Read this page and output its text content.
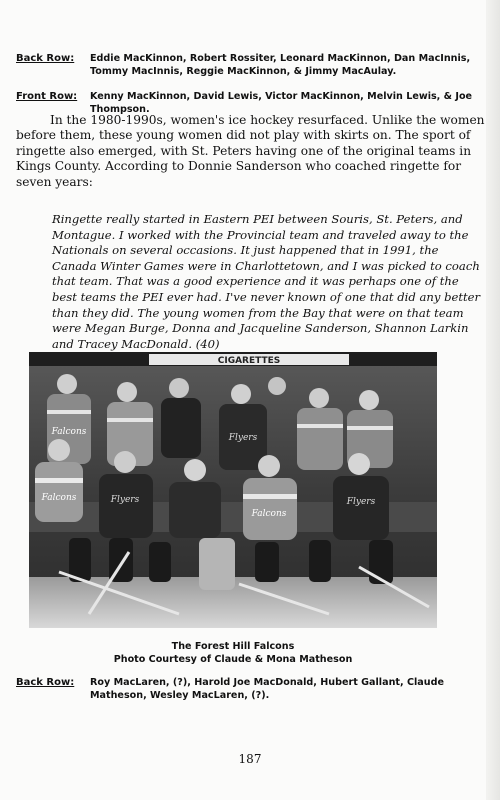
Back Row: Eddie MacKinnon, Robert Rossiter, Leonard MacKinnon, Dan MacInnis, Tommy MacInnis, Reggie MacKinnon, & Jimmy MacAulay.
Front Row: Kenny MacKinnon, David Lewis, Victor MacKinnon, Melvin Lewis, & Joe Thompson.

In the 1980-1990s, women's ice hockey resurfaced. Unlike the women before them, these young women did not play with skirts on. The sport of ringette also emerged, with St. Peters having one of the original teams in Kings County. According to Donnie Sanderson who coached ringette for seven years:

Ringette really started in Eastern PEI between Souris, St. Peters, and Montague. I worked with the Provincial team and traveled away to the Nationals on several occasions. It just happened that in 1991, the Canada Winter Games were in Charlottetown, and I was picked to coach that team. That was a good experience and it was perhaps one of the best teams the PEI ever had. I've never known of one that did any better than they did. The young women from the Bay that were on that team were Megan Burge, Donna and Jacqueline Sanderson, Shannon Larkin and Tracey MacDonald. (40)

CIGARETTES
Falcons
Flyers
Falcons	Flyers
Falcons
Flyers
The Forest Hill Falcons
Photo Courtesy of Claude & Mona Matheson
Back Row: Roy MacLaren, (?), Harold Joe MacDonald, Hubert Gallant, Claude Matheson, Wesley MacLaren, (?).
187
